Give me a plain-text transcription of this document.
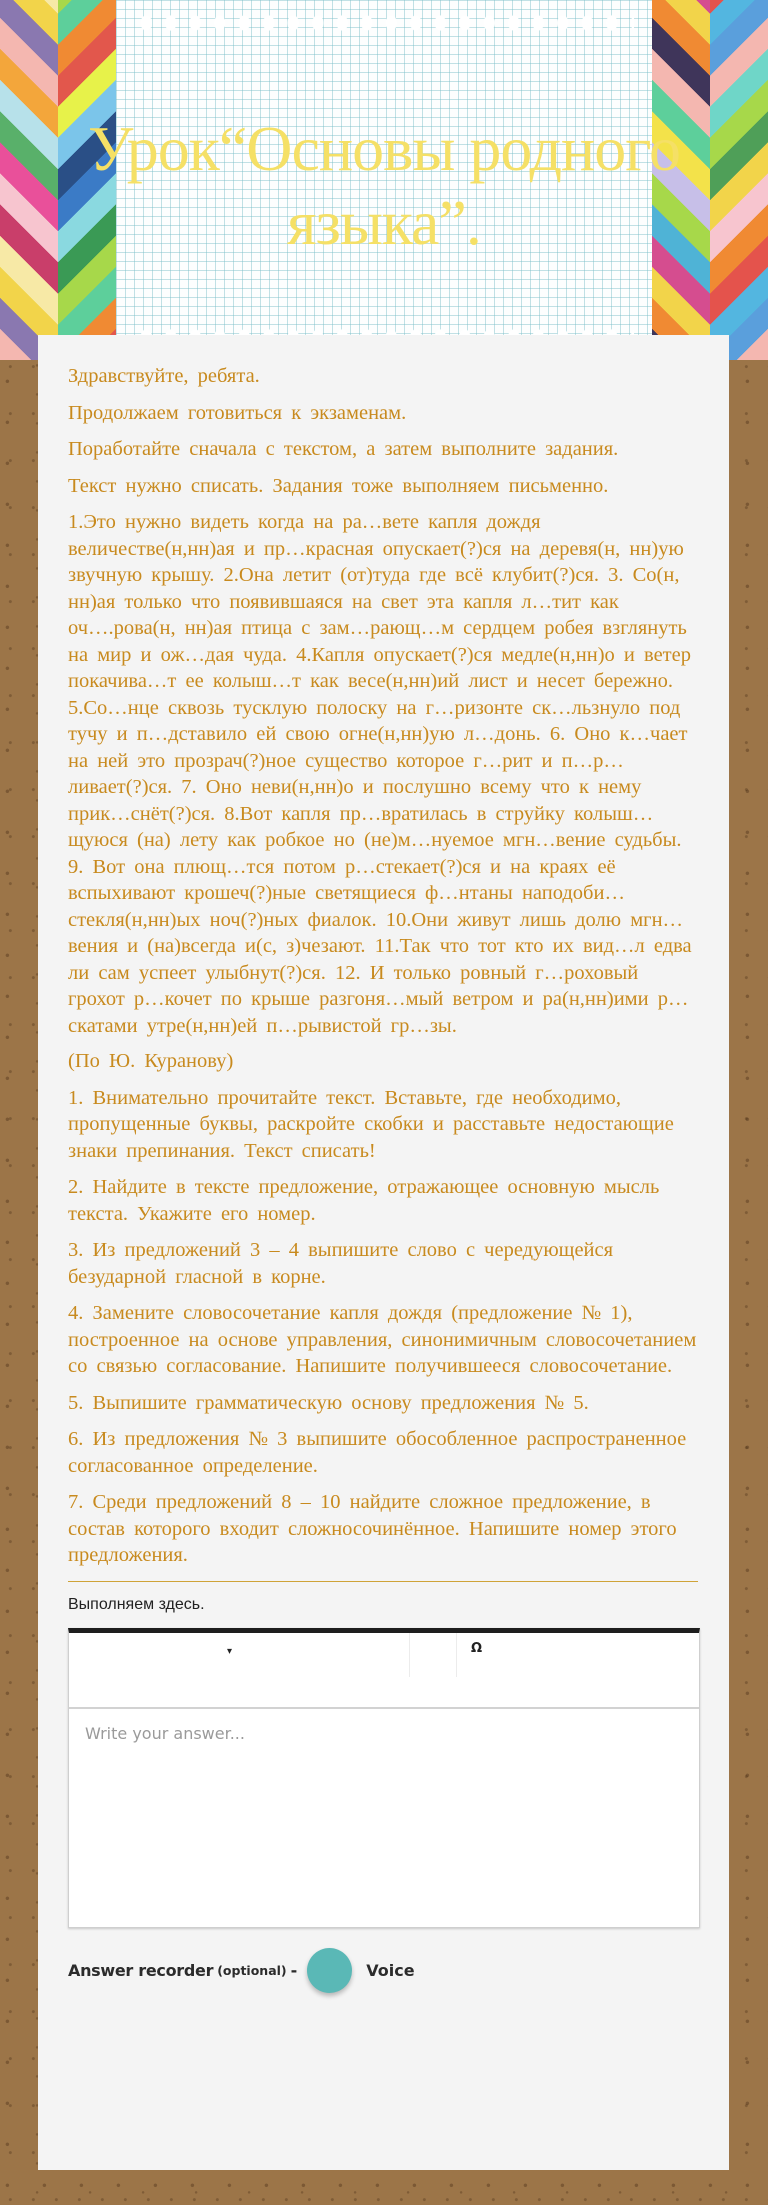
Урок“Основы родного языка”.

Здравствуйте, ребята.

Продолжаем готовиться к экзаменам.

Поработайте сначала с текстом, а затем выполните задания.

Текст нужно списать. Задания тоже выполняем письменно.

1.Это нужно видеть когда на ра…вете капля дождя величестве(н,нн)ая и пр…красная опускает(?)ся на деревя(н, нн)ую звучную крышу. 2.Она летит (от)туда где всё клубит(?)ся. 3. Со(н, нн)ая только что появившаяся на свет эта капля л…тит как оч….рова(н, нн)ая птица с зам…рающ…м сердцем робея взглянуть на мир и ож…дая чуда. 4.Капля опускает(?)ся медле(н,нн)о и ветер покачива…т ее колыш…т как весе(н,нн)ий лист и несет бережно. 5.Со…нце сквозь тусклую полоску на г…ризонте ск…льзнуло под тучу и п…дставило ей свою огне(н,нн)ую л…донь. 6. Оно к…чает на ней это прозрач(?)ное существо которое г…рит и п…р…ливает(?)ся. 7. Оно неви(н,нн)о и послушно всему что к нему прик…снёт(?)ся. 8.Вот капля пр…вратилась в струйку колыш…щуюся (на) лету как робкое но (не)м…нуемое мгн…вение судьбы. 9. Вот она плющ…тся потом р…стекает(?)ся и на краях её вспыхивают крошеч(?)ные светящиеся ф…нтаны наподоби… стекля(н,нн)ых ноч(?)ных фиалок. 10.Они живут лишь долю мгн…вения и (на)всегда и(с, з)чезают. 11.Так что тот кто их вид…л едва ли сам успеет улыбнут(?)ся. 12. И только ровный г…роховый грохот р…кочет по крыше разгоня…мый ветром и ра(н,нн)ими р…скатами утре(н,нн)ей п…рывистой гр…зы.

(По Ю. Куранову)

1. Внимательно прочитайте текст. Вставьте, где необходимо, пропущенные буквы, раскройте скобки и расставьте недостающие знаки препинания. Текст списать!

2. Найдите в тексте предложение, отражающее основную мысль текста. Укажите его номер.

3. Из предложений 3 – 4 выпишите слово с чередующейся безударной гласной в корне.

4. Замените словосочетание капля дождя (предложение № 1), построенное на основе управления, синонимичным словосочетанием со связью согласование. Напишите получившееся словосочетание.

5. Выпишите грамматическую основу предложения № 5.

6. Из предложения № 3 выпишите обособленное распространенное согласованное определение.

7. Среди предложений 8 – 10 найдите сложное предложение, в состав которого входит сложносочинённое. Напишите номер этого предложения.

Выполняем здесь.
▾	Ω
Write your answer...
Answer recorder (optional) -	Voice
